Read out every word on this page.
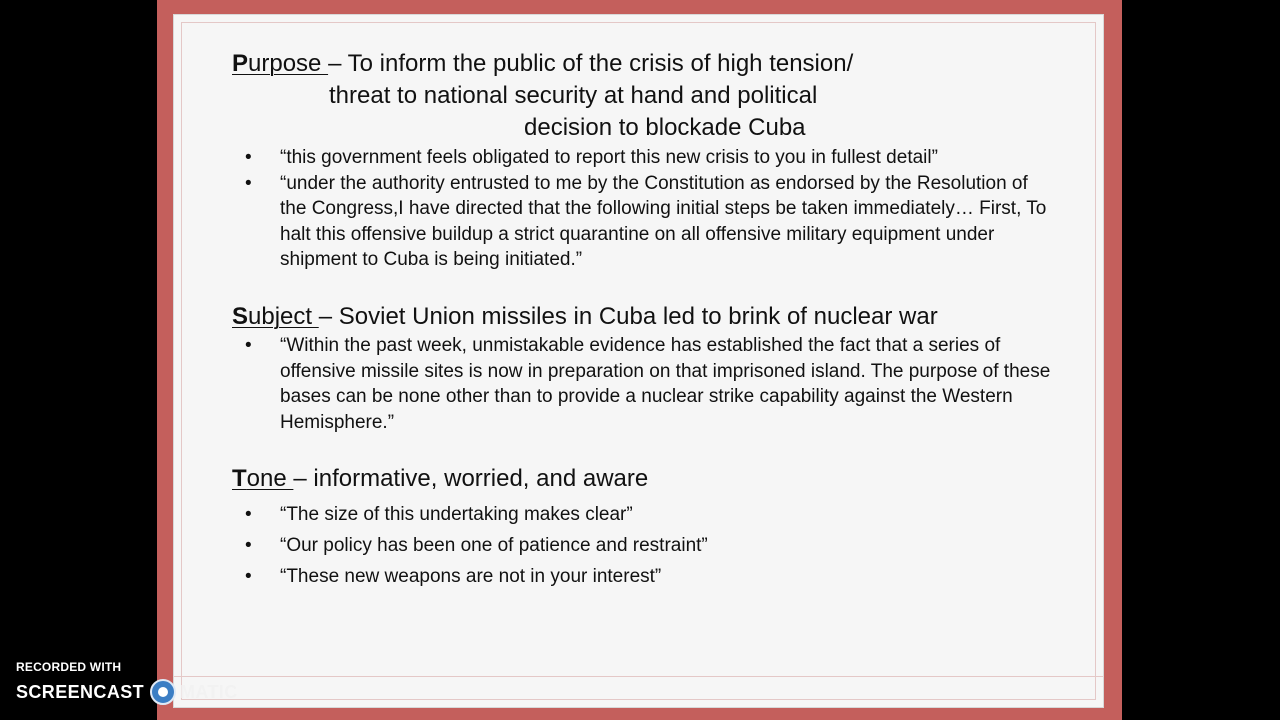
Purpose – To inform the public of the crisis of high tension/
threat to national security at hand and political
decision to blockade Cuba
• “this government feels obligated to report this new crisis to you in fullest detail”
• “under the authority entrusted to me by the Constitution as endorsed by the Resolution of the Congress,I have directed that the following initial steps be taken immediately… First, To halt this offensive buildup a strict quarantine on all offensive military equipment under shipment to Cuba is being initiated.”
Subject – Soviet Union missiles in Cuba led to brink of nuclear war
• “Within the past week, unmistakable evidence has established the fact that a series of offensive missile sites is now in preparation on that imprisoned island. The purpose of these bases can be none other than to provide a nuclear strike capability against the Western Hemisphere.”
Tone – informative, worried, and aware
• “The size of this undertaking makes clear”
• “Our policy has been one of patience and restraint”
• “These new weapons are not in your interest”
RECORDED WITH
SCREENCAST MATIC
